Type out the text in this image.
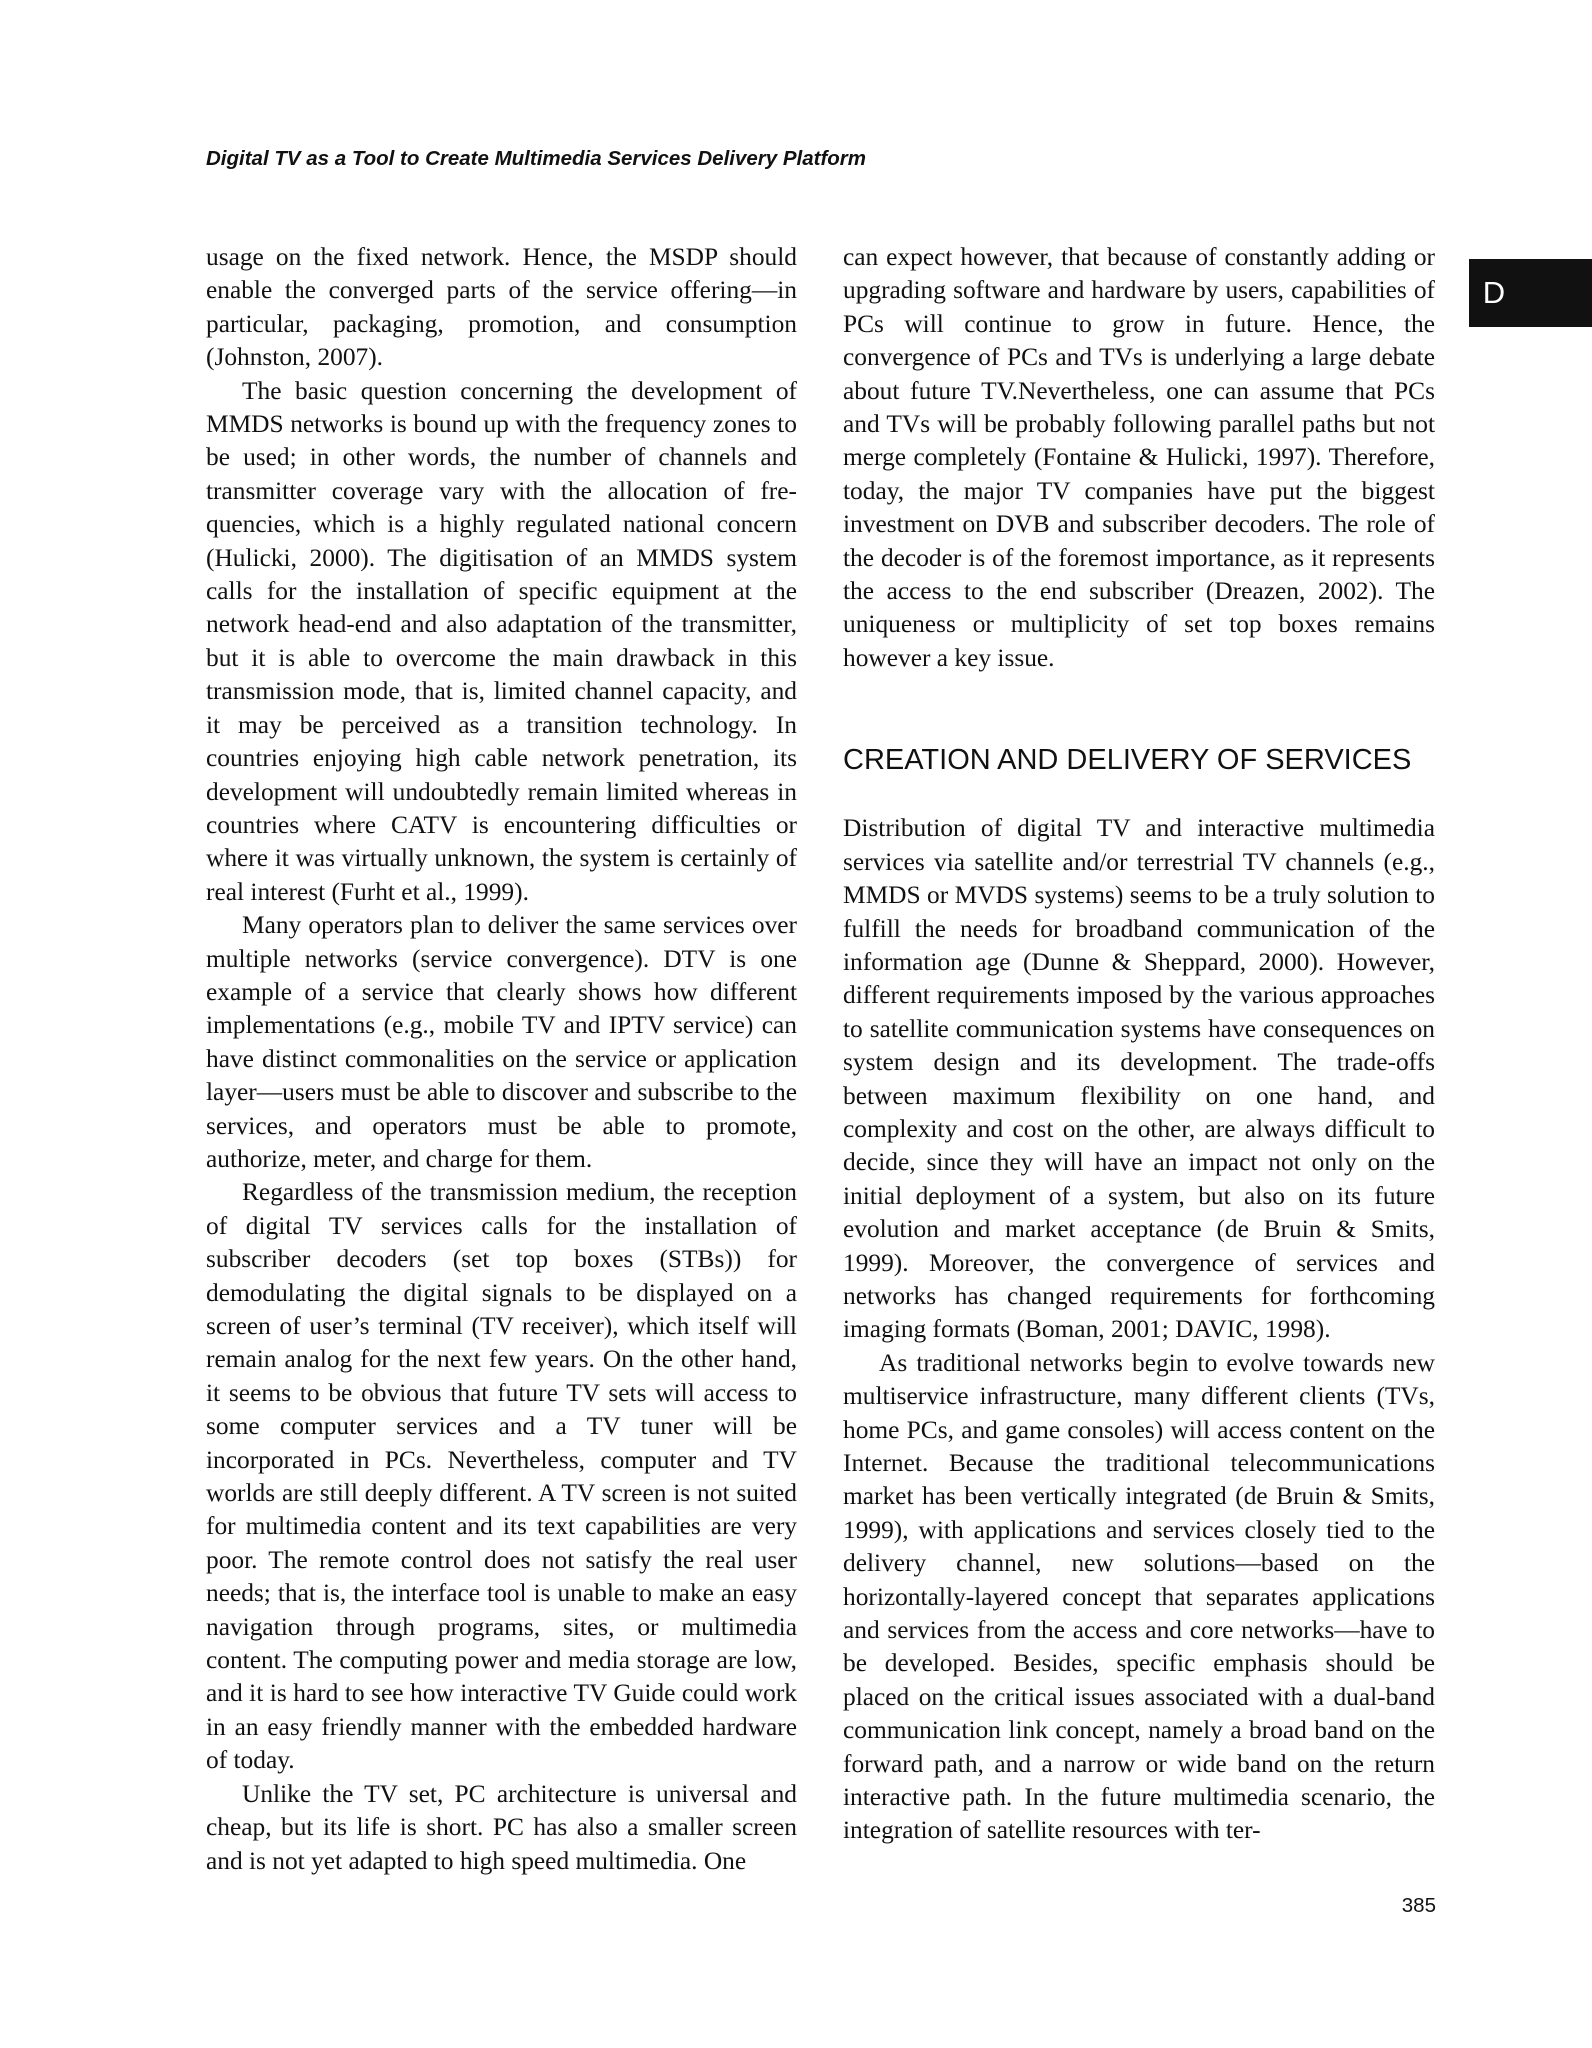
Digital TV as a Tool to Create Multimedia Services Delivery Platform
D

usage on the fixed network. Hence, the MSDP should enable the converged parts of the service offering—in particular, packaging, promotion, and consumption (Johnston, 2007).

The basic question concerning the development of MMDS networks is bound up with the frequency zones to be used; in other words, the number of channels and transmitter coverage vary with the allocation of frequencies, which is a highly regulated national concern (Hulicki, 2000). The digitisation of an MMDS system calls for the installation of specific equipment at the network head-end and also adaptation of the transmitter, but it is able to overcome the main drawback in this transmission mode, that is, limited channel capacity, and it may be perceived as a transition technology. In countries enjoying high cable network penetration, its development will undoubtedly remain limited whereas in countries where CATV is encountering difficulties or where it was virtually unknown, the system is certainly of real interest (Furht et al., 1999).

Many operators plan to deliver the same services over multiple networks (service convergence). DTV is one example of a service that clearly shows how different implementations (e.g., mobile TV and IPTV service) can have distinct commonalities on the service or application layer—users must be able to discover and subscribe to the services, and operators must be able to promote, authorize, meter, and charge for them.

Regardless of the transmission medium, the reception of digital TV services calls for the installation of subscriber decoders (set top boxes (STBs)) for demodulating the digital signals to be displayed on a screen of user’s terminal (TV receiver), which itself will remain analog for the next few years. On the other hand, it seems to be obvious that future TV sets will access to some computer services and a TV tuner will be incorporated in PCs. Nevertheless, computer and TV worlds are still deeply different. A TV screen is not suited for multimedia content and its text capabilities are very poor. The remote control does not satisfy the real user needs; that is, the interface tool is unable to make an easy navigation through programs, sites, or multimedia content. The computing power and media storage are low, and it is hard to see how interactive TV Guide could work in an easy friendly manner with the embedded hardware of today.

Unlike the TV set, PC architecture is universal and cheap, but its life is short. PC has also a smaller screen and is not yet adapted to high speed multimedia. One

can expect however, that because of constantly adding or upgrading software and hardware by users, capabilities of PCs will continue to grow in future. Hence, the convergence of PCs and TVs is underlying a large debate about future TV.Nevertheless, one can assume that PCs and TVs will be probably following parallel paths but not merge completely (Fontaine & Hulicki, 1997). Therefore, today, the major TV companies have put the biggest investment on DVB and subscriber decoders. The role of the decoder is of the foremost importance, as it represents the access to the end subscriber (Dreazen, 2002). The uniqueness or multiplicity of set top boxes remains however a key issue.

CREATION AND DELIVERY OF SERVICES

Distribution of digital TV and interactive multimedia services via satellite and/or terrestrial TV channels (e.g., MMDS or MVDS systems) seems to be a truly solution to fulfill the needs for broadband communication of the information age (Dunne & Sheppard, 2000). However, different requirements imposed by the various approaches to satellite communication systems have consequences on system design and its development. The trade-offs between maximum flexibility on one hand, and complexity and cost on the other, are always difficult to decide, since they will have an impact not only on the initial deployment of a system, but also on its future evolution and market acceptance (de Bruin & Smits, 1999). Moreover, the convergence of services and networks has changed requirements for forthcoming imaging formats (Boman, 2001; DAVIC, 1998).

As traditional networks begin to evolve towards new multiservice infrastructure, many different clients (TVs, home PCs, and game consoles) will access content on the Internet. Because the traditional telecommunications market has been vertically integrated (de Bruin & Smits, 1999), with applications and services closely tied to the delivery channel, new solutions—based on the horizontally-layered concept that separates applications and services from the access and core networks—have to be developed. Besides, specific emphasis should be placed on the critical issues associated with a dual-band communication link concept, namely a broad band on the forward path, and a narrow or wide band on the return interactive path. In the future multimedia scenario, the integration of satellite resources with ter-

385
